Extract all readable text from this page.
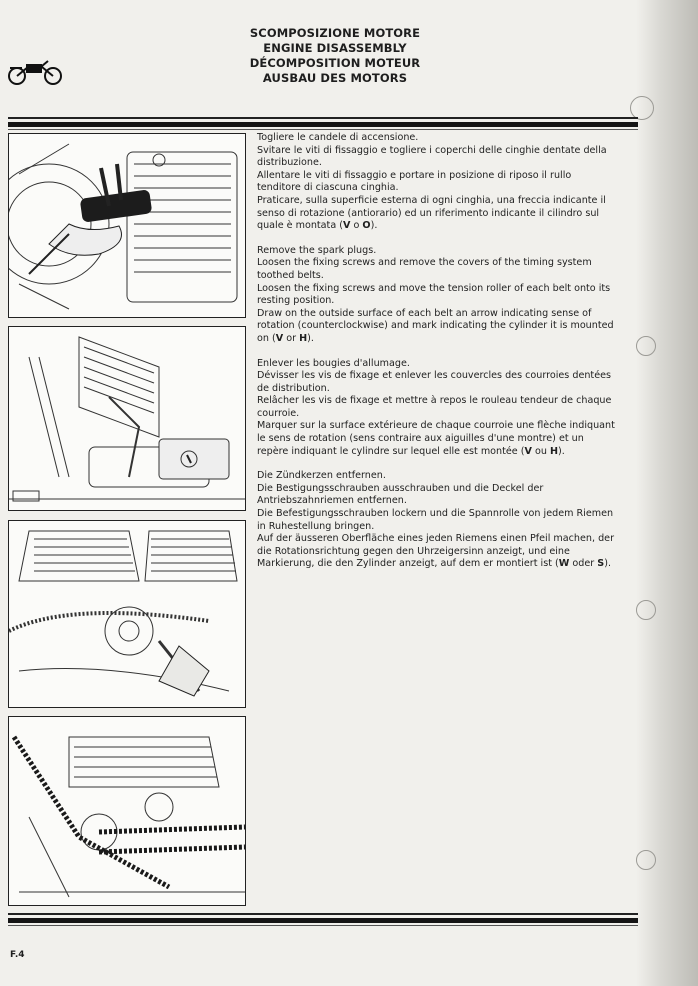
SCOMPOSIZIONE MOTORE
ENGINE DISASSEMBLY
DÉCOMPOSITION MOTEUR
AUSBAU DES MOTORS

Togliere le candele di accensione.

Svitare le viti di fissaggio e togliere i coperchi delle cinghie dentate della distribuzione.

Allentare le viti di fissaggio e portare in posizione di riposo il rullo tenditore di ciascuna cinghia.

Praticare, sulla superficie esterna di ogni cinghia, una freccia indicante il senso di rotazione (antiorario) ed un riferimento indicante il cilindro sul quale è montata (V o O).

Remove the spark plugs.

Loosen the fixing screws and remove the covers of the timing system toothed belts.

Loosen the fixing screws and move the tension roller of each belt onto its resting position.

Draw on the outside surface of each belt an arrow indicating sense of rotation (counterclockwise) and mark indicating the cylinder it is mounted on (V or H).

Enlever les bougies d'allumage.

Dévisser les vis de fixage et enlever les couvercles des courroies dentées de distribution.

Relâcher les vis de fixage et mettre à repos le rouleau tendeur de chaque courroie.

Marquer sur la surface extérieure de chaque courroie une flèche indiquant le sens de rotation (sens contraire aux aiguilles d'une montre) et un repère indiquant le cylindre sur lequel elle est montée (V ou H).

Die Zündkerzen entfernen.

Die Bestigungsschrauben ausschrauben und die Deckel der Antriebszahnriemen entfernen.

Die Befestigungsschrauben lockern und die Spannrolle von jedem Riemen in Ruhestellung bringen.

Auf der äusseren Oberfläche eines jeden Riemens einen Pfeil machen, der die Rotationsrichtung gegen den Uhrzeigersinn anzeigt, und eine Markierung, die den Zylinder anzeigt, auf dem er montiert ist (W oder S).

F.4
